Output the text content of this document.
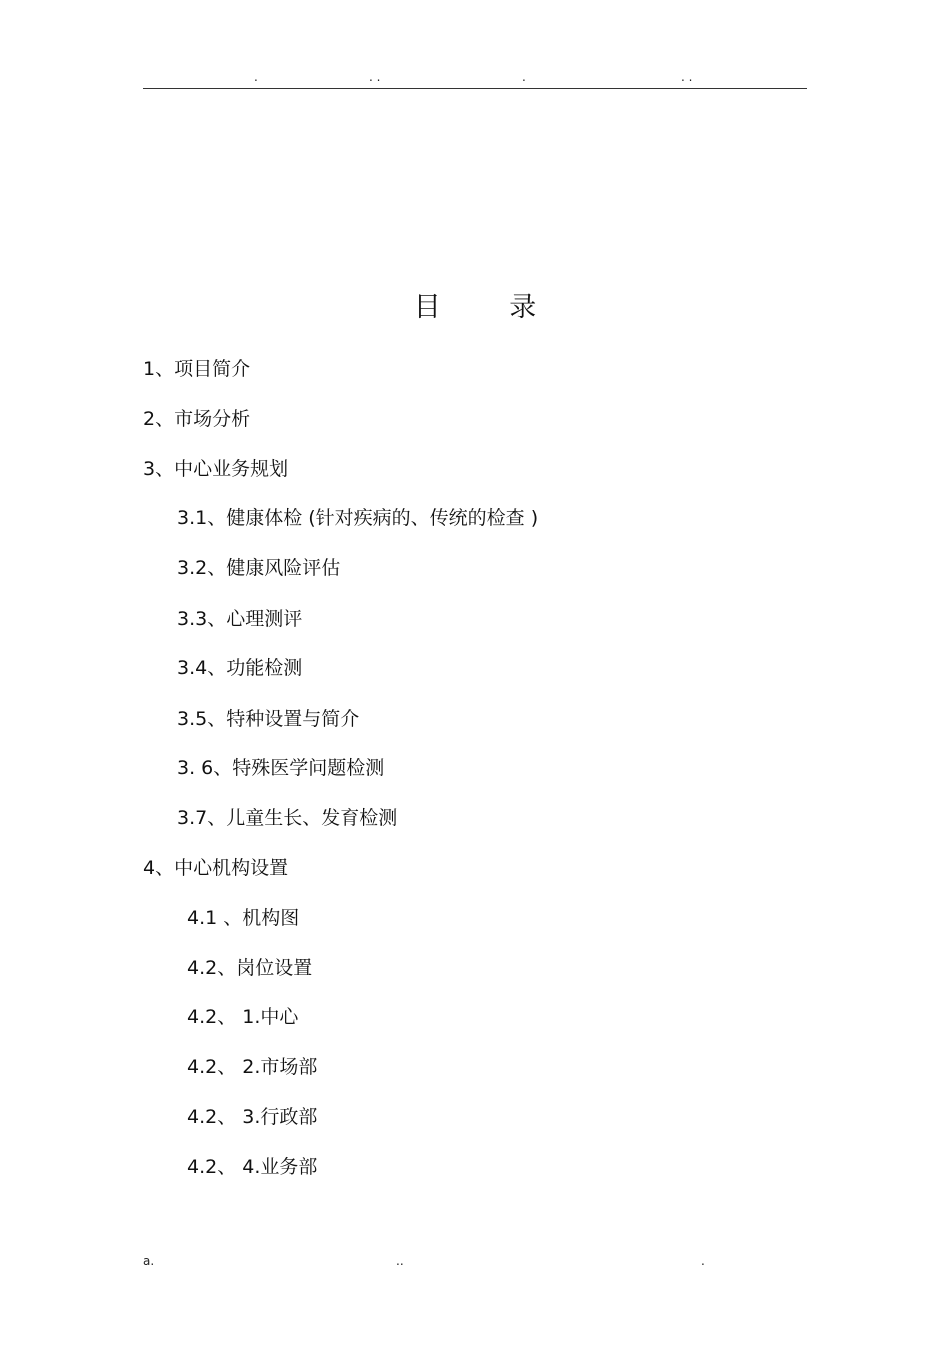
.	. .	.	. .
目 录
1、项目简介
2、市场分析
3、中心业务规划
3.1、健康体检 (针对疾病的、传统的检查 )
3.2、健康风险评估
3.3、心理测评
3.4、功能检测
3.5、特种设置与简介
3. 6、特殊医学问题检测
3.7、儿童生长、发育检测
4、中心机构设置
4.1 、机构图
4.2、岗位设置
4.2、 1.中心
4.2、 2.市场部
4.2、 3.行政部
4.2、 4.业务部
a.	..	.
